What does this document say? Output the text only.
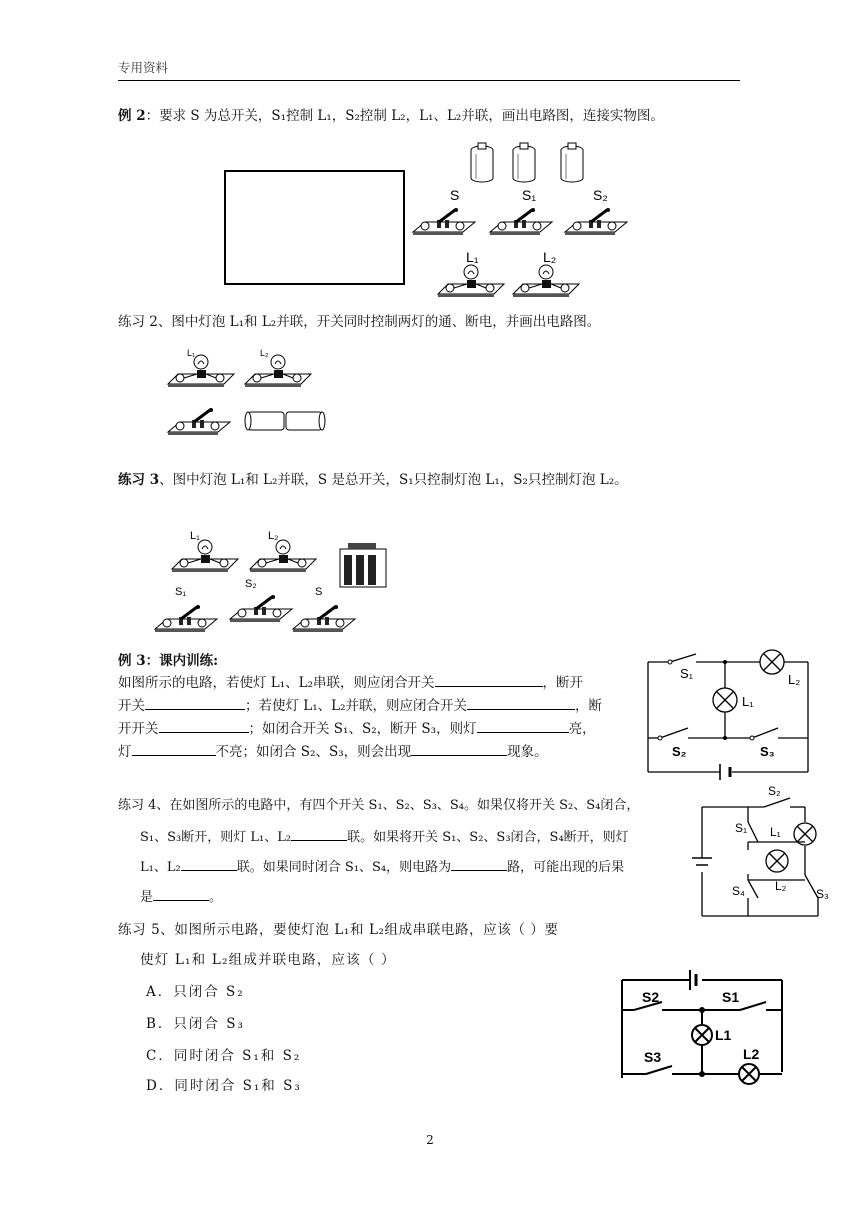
专用资料
例 2：要求 S 为总开关，S₁控制 L₁，S₂控制 L₂，L₁、L₂并联，画出电路图，连接实物图。
S	S₁	S₂
L₁	L₂
练习 2、图中灯泡 L₁和 L₂并联，开关同时控制两灯的通、断电，并画出电路图。
L₁	L₂
练习 3、图中灯泡 L₁和 L₂并联，S 是总开关，S₁只控制灯泡 L₁，S₂只控制灯泡 L₂。
L₁	L₂
S₁
S₂
S
例 3：课内训练:
如图所示的电路，若使灯 L₁、L₂串联，则应闭合开关	，断开
开关	；若使灯 L₁、L₂并联，则应闭合开关	，断
开开关	；如闭合开关 S₁、S₂，断开 S₃，则灯	亮，
灯	不亮；如闭合 S₂、S₃，则会出现	现象。
S₁	L₂
L₁
S₂	S₃
练习 4、在如图所示的电路中，有四个开关 S₁、S₂、S₃、S₄。如果仅将开关 S₂、S₄闭合，
S₁、S₃断开，则灯 L₁、L₂	联。如果将开关 S₁、S₂、S₃闭合，S₄断开，则灯
L₁、L₂	联。如果同时闭合 S₁、S₄，则电路为	路，可能出现的后果
是	。
S₂
S₁ L₁
L₂
S₄	S₃
练习 5、如图所示电路，要使灯泡 L₁和 L₂组成串联电路，应该（ ）要
使灯 L₁和 L₂组成并联电路，应该（ ）
A．只闭合 S₂
B．只闭合 S₃
C．同时闭合 S₁和 S₂
D．同时闭合 S₁和 S₃
S2	S1
L1
L2
S3
2
